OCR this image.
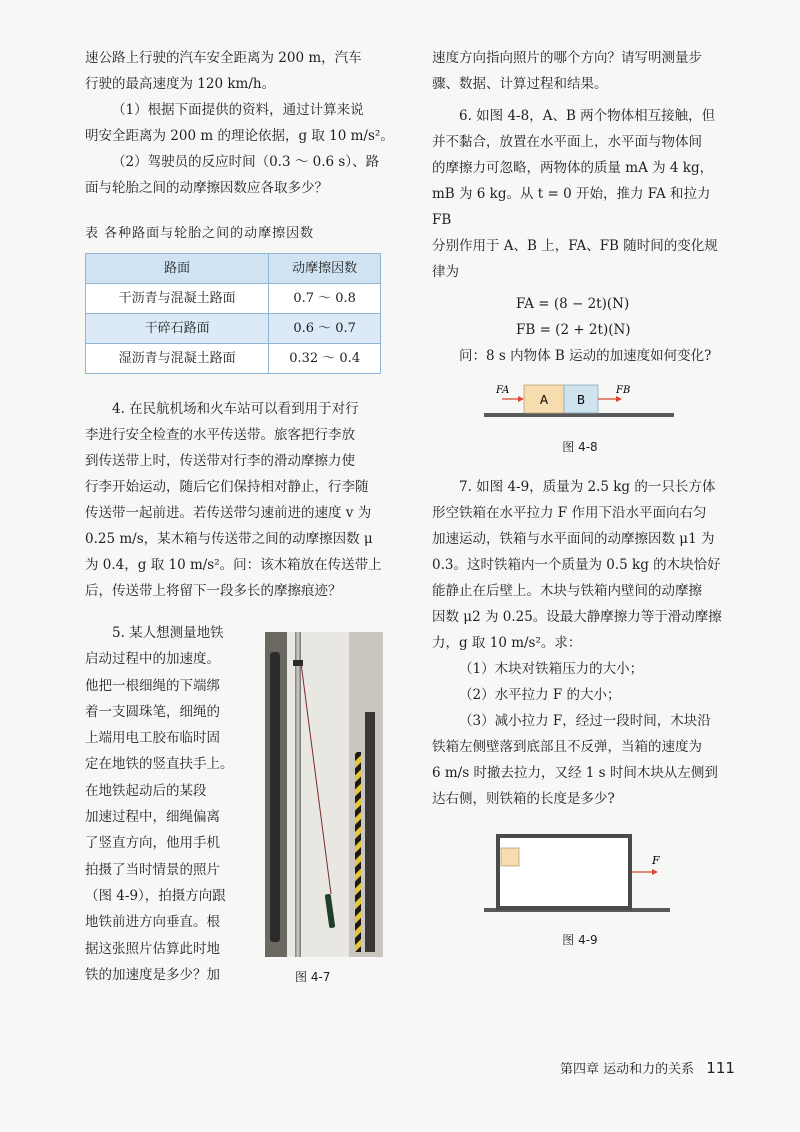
速公路上行驶的汽车安全距离为 200 m，汽车

行驶的最高速度为 120 km/h。

（1）根据下面提供的资料，通过计算来说

明安全距离为 200 m 的理论依据，g 取 10 m/s²。

（2）驾驶员的反应时间（0.3 ～ 0.6 s）、路

面与轮胎之间的动摩擦因数应各取多少？

表 各种路面与轮胎之间的动摩擦因数

路面	动摩擦因数
干沥青与混凝土路面	0.7 ～ 0.8
干碎石路面	0.6 ～ 0.7
湿沥青与混凝土路面	0.32 ～ 0.4

4. 在民航机场和火车站可以看到用于对行

李进行安全检查的水平传送带。旅客把行李放

到传送带上时，传送带对行李的滑动摩擦力使

行李开始运动，随后它们保持相对静止，行李随

传送带一起前进。若传送带匀速前进的速度 v 为

0.25 m/s，某木箱与传送带之间的动摩擦因数 μ

为 0.4，g 取 10 m/s²。问：该木箱放在传送带上

后，传送带上将留下一段多长的摩擦痕迹？

5. 某人想测量地铁

启动过程中的加速度。

他把一根细绳的下端绑

着一支圆珠笔，细绳的

上端用电工胶布临时固

定在地铁的竖直扶手上。

在地铁起动后的某段

加速过程中，细绳偏离

了竖直方向，他用手机

拍摄了当时情景的照片

（图 4-9），拍摄方向跟

地铁前进方向垂直。根

据这张照片估算此时地

铁的加速度是多少？加	图 4-7

速度方向指向照片的哪个方向？请写明测量步

骤、数据、计算过程和结果。

6. 如图 4-8，A、B 两个物体相互接触，但

并不黏合，放置在水平面上，水平面与物体间

的摩擦力可忽略，两物体的质量 mA 为 4 kg，

mB 为 6 kg。从 t = 0 开始，推力 FA 和拉力 FB

分别作用于 A、B 上，FA、FB 随时间的变化规

律为

FA = (8 − 2t)(N)

FB = (2 + 2t)(N)

问：8 s 内物体 B 运动的加速度如何变化?

A B
FA	FB

图 4-8

7. 如图 4-9，质量为 2.5 kg 的一只长方体

形空铁箱在水平拉力 F 作用下沿水平面向右匀

加速运动，铁箱与水平面间的动摩擦因数 μ1 为

0.3。这时铁箱内一个质量为 0.5 kg 的木块恰好

能静止在后壁上。木块与铁箱内壁间的动摩擦

因数 μ2 为 0.25。设最大静摩擦力等于滑动摩擦

力，g 取 10 m/s²。求：

（1）木块对铁箱压力的大小；

（2）水平拉力 F 的大小；

（3）减小拉力 F，经过一段时间，木块沿

铁箱左侧壁落到底部且不反弹，当箱的速度为

6 m/s 时撤去拉力，又经 1 s 时间木块从左侧到

达右侧，则铁箱的长度是多少?

F

图 4-9

第四章 运动和力的关系 111
